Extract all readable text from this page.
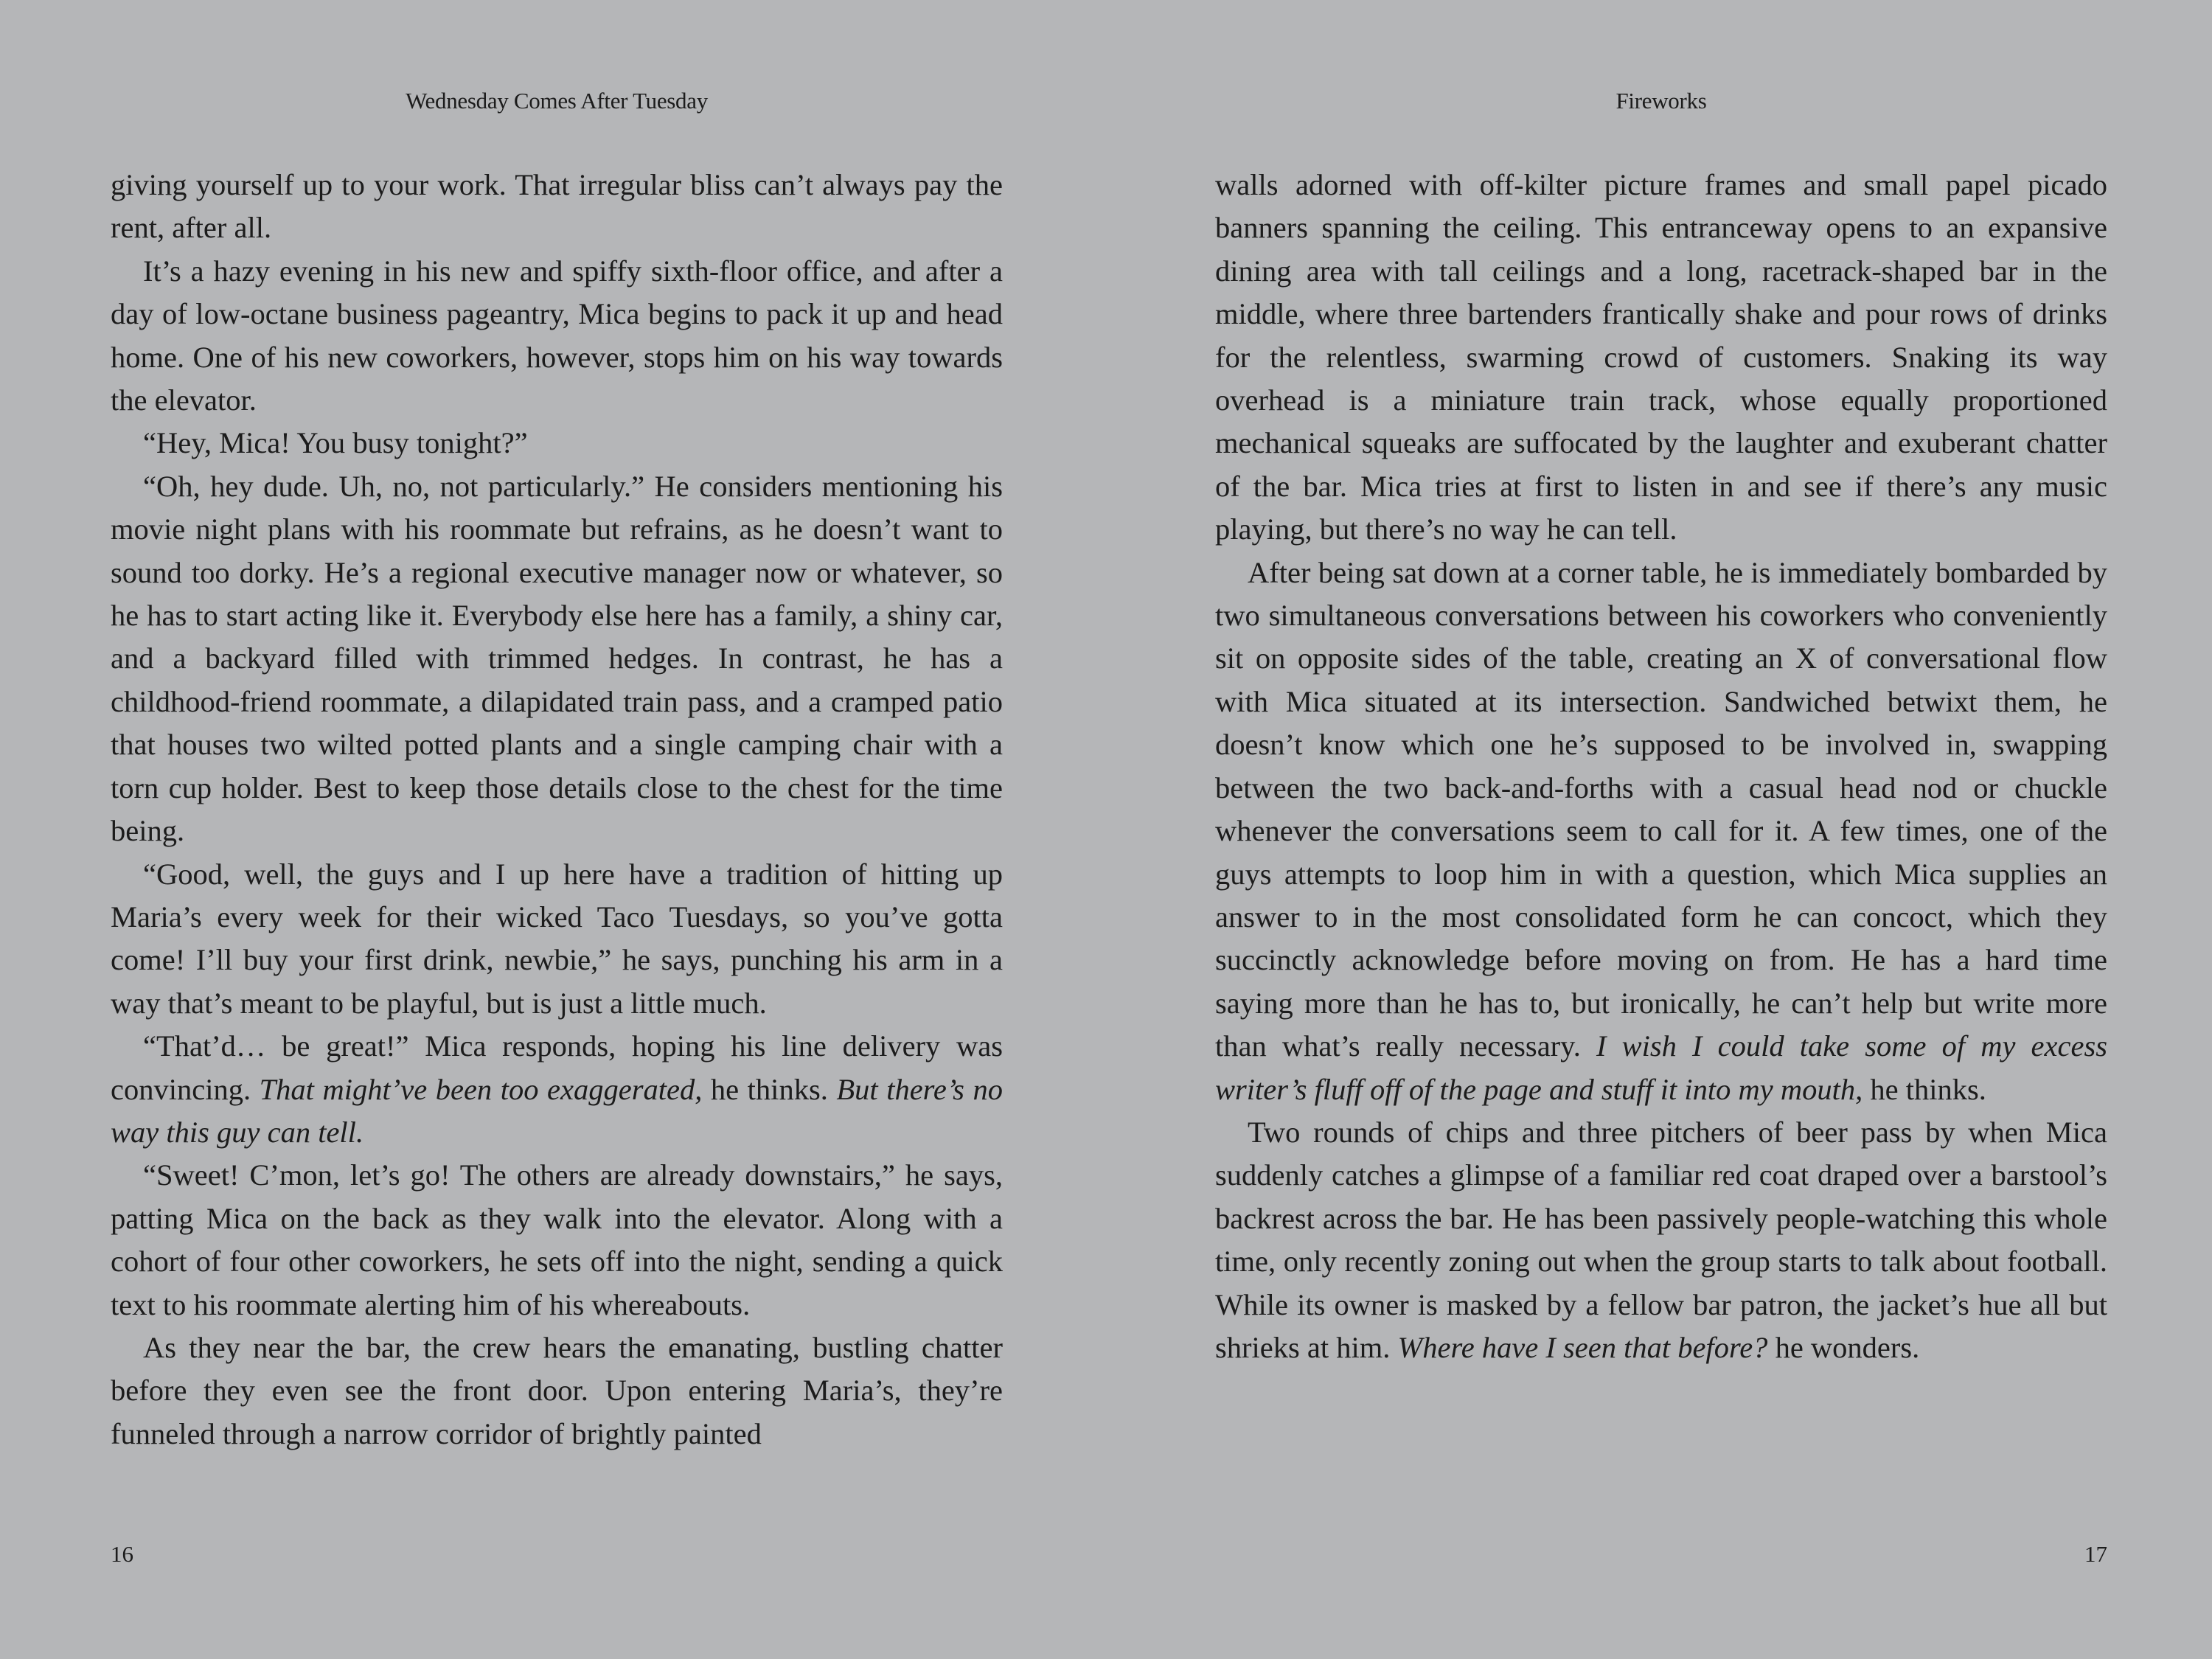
Wednesday Comes After Tuesday

giving yourself up to your work. That irregular bliss can’t always pay the rent, after all.

It’s a hazy evening in his new and spiffy sixth-floor office, and after a day of low-octane business pageantry, Mica begins to pack it up and head home. One of his new coworkers, however, stops him on his way towards the elevator.

“Hey, Mica! You busy tonight?”

“Oh, hey dude. Uh, no, not particularly.” He considers mentioning his movie night plans with his roommate but refrains, as he doesn’t want to sound too dorky. He’s a regional executive manager now or whatever, so he has to start acting like it. Everybody else here has a family, a shiny car, and a backyard filled with trimmed hedges. In contrast, he has a childhood-friend roommate, a dilapidated train pass, and a cramped patio that houses two wilted potted plants and a single camping chair with a torn cup holder. Best to keep those details close to the chest for the time being.

“Good, well, the guys and I up here have a tradition of hitting up Maria’s every week for their wicked Taco Tuesdays, so you’ve gotta come! I’ll buy your first drink, newbie,” he says, punching his arm in a way that’s meant to be playful, but is just a little much.

“That’d… be great!” Mica responds, hoping his line delivery was convincing. That might’ve been too exaggerated, he thinks. But there’s no way this guy can tell.

“Sweet! C’mon, let’s go! The others are already downstairs,” he says, patting Mica on the back as they walk into the elevator. Along with a cohort of four other coworkers, he sets off into the night, sending a quick text to his roommate alerting him of his whereabouts.

As they near the bar, the crew hears the emanating, bustling chatter before they even see the front door. Upon entering Maria’s, they’re funneled through a narrow corridor of brightly painted

16
Fireworks

walls adorned with off-kilter picture frames and small papel picado banners spanning the ceiling. This entranceway opens to an expansive dining area with tall ceilings and a long, racetrack-shaped bar in the middle, where three bartenders frantically shake and pour rows of drinks for the relentless, swarming crowd of customers. Snaking its way overhead is a miniature train track, whose equally proportioned mechanical squeaks are suffocated by the laughter and exuberant chatter of the bar. Mica tries at first to listen in and see if there’s any music playing, but there’s no way he can tell.

After being sat down at a corner table, he is immediately bombarded by two simultaneous conversations between his coworkers who conveniently sit on opposite sides of the table, creating an X of conversational flow with Mica situated at its intersection. Sandwiched betwixt them, he doesn’t know which one he’s supposed to be involved in, swapping between the two back-and-forths with a casual head nod or chuckle whenever the conversations seem to call for it. A few times, one of the guys attempts to loop him in with a question, which Mica supplies an answer to in the most consolidated form he can concoct, which they succinctly acknowledge before moving on from. He has a hard time saying more than he has to, but ironically, he can’t help but write more than what’s really necessary. I wish I could take some of my excess writer’s fluff off of the page and stuff it into my mouth, he thinks.

Two rounds of chips and three pitchers of beer pass by when Mica suddenly catches a glimpse of a familiar red coat draped over a barstool’s backrest across the bar. He has been passively people-watching this whole time, only recently zoning out when the group starts to talk about football. While its owner is masked by a fellow bar patron, the jacket’s hue all but shrieks at him. Where have I seen that before? he wonders.

17
